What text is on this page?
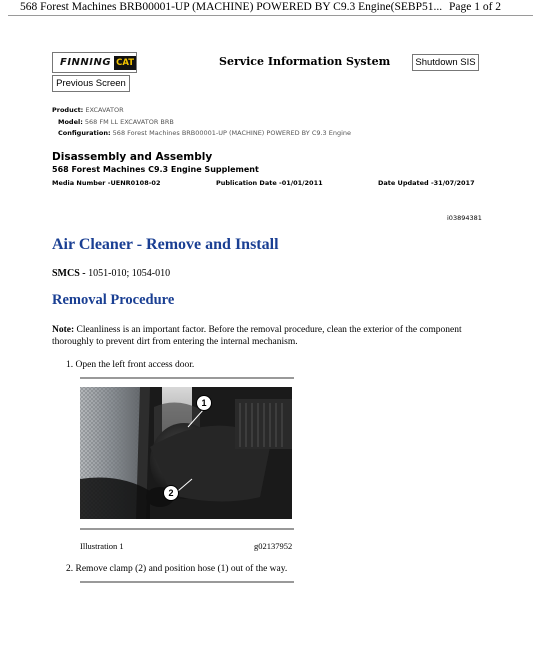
568 Forest Machines BRB00001-UP (MACHINE) POWERED BY C9.3 Engine(SEBP51... Page 1 of 2
FINNING CAT	Service Information System	Shutdown SIS
Previous Screen
Product: EXCAVATOR
Model: 568 FM LL EXCAVATOR BRB
Configuration: 568 Forest Machines BRB00001-UP (MACHINE) POWERED BY C9.3 Engine
Disassembly and Assembly
568 Forest Machines C9.3 Engine Supplement
Media Number -UENR0108-02	Publication Date -01/01/2011	Date Updated -31/07/2017
i03894381
Air Cleaner - Remove and Install
SMCS - 1051-010; 1054-010
Removal Procedure
Note: Cleanliness is an important factor. Before the removal procedure, clean the exterior of the component thoroughly to prevent dirt from entering the internal mechanism.
1. Open the left front access door.
1
2
Illustration 1	g02137952
2. Remove clamp (2) and position hose (1) out of the way.
